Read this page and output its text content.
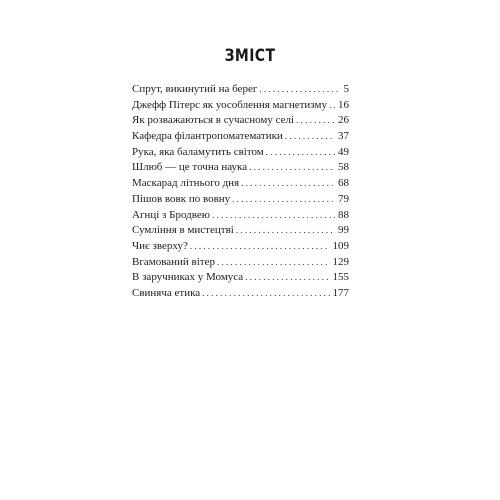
ЗМІСТ
Спрут, викинутий на берег . . .	5
Джефф Пітерс як уособлення магнетизму . . . 16
Як розважаються в сучасному селі . . .	26
Кафедра філантропоматематики . . .	37
Рука, яка баламутить світом . . .	49
Шлюб — це точна наука . . .	58
Маскарад літнього дня . . .	68
Пішов вовк по вовну . . .	79
Агнці з Бродвею . . .	88
Сумління в мистецтві . . .	99
Чиє зверху? . . .	109
Вгамований вітер . . .	129
В заручниках у Момуса . . .	155
Свиняча етика . . .	177
